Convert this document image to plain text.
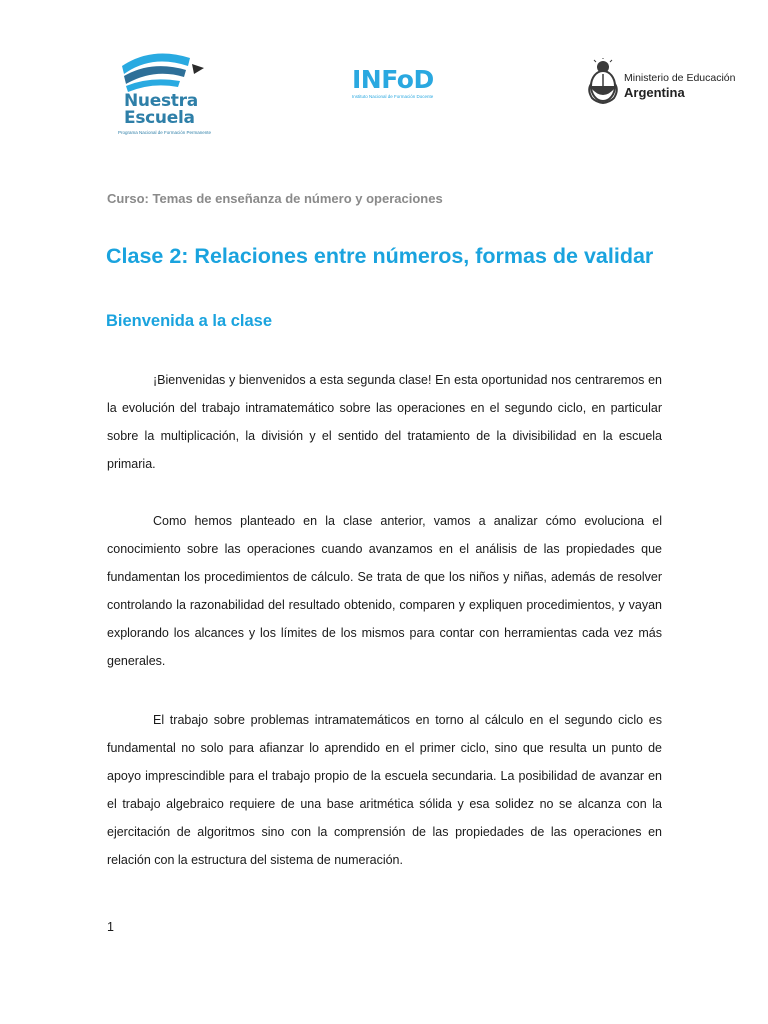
Nuestra
Escuela
Programa Nacional de Formación Permanente
INFoD
Instituto Nacional de Formación Docente
Ministerio de Educación
Argentina
Curso: Temas de enseñanza de número y operaciones
Clase 2: Relaciones entre números, formas de validar
Bienvenida a la clase

¡Bienvenidas y bienvenidos a esta segunda clase! En esta oportunidad nos centraremos en la evolución del trabajo intramatemático sobre las operaciones en el segundo ciclo, en particular sobre la multiplicación, la división y el sentido del tratamiento de la divisibilidad en la escuela primaria.

Como hemos planteado en la clase anterior, vamos a analizar cómo evoluciona el conocimiento sobre las operaciones cuando avanzamos en el análisis de las propiedades que fundamentan los procedimientos de cálculo. Se trata de que los niños y niñas, además de resolver controlando la razonabilidad del resultado obtenido, comparen y expliquen procedimientos, y vayan explorando los alcances y los límites de los mismos para contar con herramientas cada vez más generales.

El trabajo sobre problemas intramatemáticos en torno al cálculo en el segundo ciclo es fundamental no solo para afianzar lo aprendido en el primer ciclo, sino que resulta un punto de apoyo imprescindible para el trabajo propio de la escuela secundaria. La posibilidad de avanzar en el trabajo algebraico requiere de una base aritmética sólida y esa solidez no se alcanza con la ejercitación de algoritmos sino con la comprensión de las propiedades de las operaciones en relación con la estructura del sistema de numeración.

1
